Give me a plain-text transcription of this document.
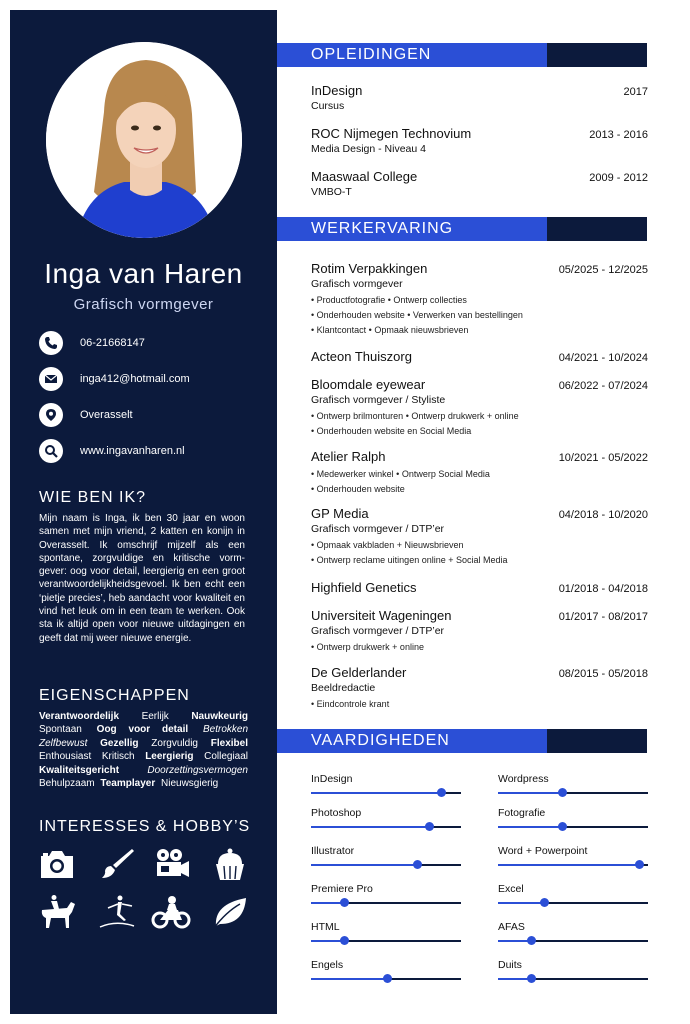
Inga van Haren
Grafisch vormgever
06-21668147
inga412@hotmail.com
Overasselt
www.ingavanharen.nl
WIE BEN IK?
Mijn naam is Inga, ik ben 30 jaar en woon samen met mijn vriend, 2 katten en konijn in Overasselt. Ik omschrijf mijzelf als een spontane, zorgvuldige en kritische vorm-gever: oog voor detail, leergierig en een groot verantwoordelijkheidsgevoel. Ik ben echt een ‘pietje precies’, heb aandacht voor kwaliteit en vind het leuk om in een team te werken. Ook sta ik altijd open voor nieuwe uitdagingen en geeft dat mij weer nieuwe energie.
EIGENSCHAPPEN
Verantwoordelijk Eerlijk Nauwkeurig Spontaan Oog voor detail Betrokken Zelfbewust Gezellig Zorgvuldig Flexibel Enthousiast Kritisch Leergierig Collegiaal Kwaliteitsgericht	Doorzettingsvermogen Behulpzaam Teamplayer Nieuwsgierig
INTERESSES & HOBBY’S
OPLEIDINGEN
InDesign	2017
Cursus
ROC Nijmegen Technovium	2013 - 2016
Media Design - Niveau 4
Maaswaal College	2009 - 2012
VMBO-T
WERKERVARING
Rotim Verpakkingen	05/2025 - 12/2025
Grafisch vormgever
• Productfotografie • Ontwerp collecties
• Onderhouden website • Verwerken van bestellingen
• Klantcontact • Opmaak nieuwsbrieven
Acteon Thuiszorg	04/2021 - 10/2024
Bloomdale eyewear	06/2022 - 07/2024
Grafisch vormgever / Styliste
• Ontwerp brilmonturen • Ontwerp drukwerk + online
• Onderhouden website en Social Media
Atelier Ralph	10/2021 - 05/2022
• Medewerker winkel • Ontwerp Social Media
• Onderhouden website
GP Media	04/2018 - 10/2020
Grafisch vormgever / DTP’er
• Opmaak vakbladen + Nieuwsbrieven
• Ontwerp reclame uitingen online + Social Media
Highfield Genetics	01/2018 - 04/2018
Universiteit Wageningen	01/2017 - 08/2017
Grafisch vormgever / DTP’er
• Ontwerp drukwerk + online
De Gelderlander	08/2015 - 05/2018
Beeldredactie
• Eindcontrole krant
VAARDIGHEDEN
InDesign	Wordpress
Photoshop	Fotografie
Illustrator	Word + Powerpoint
Premiere Pro	Excel
HTML	AFAS
Engels	Duits
